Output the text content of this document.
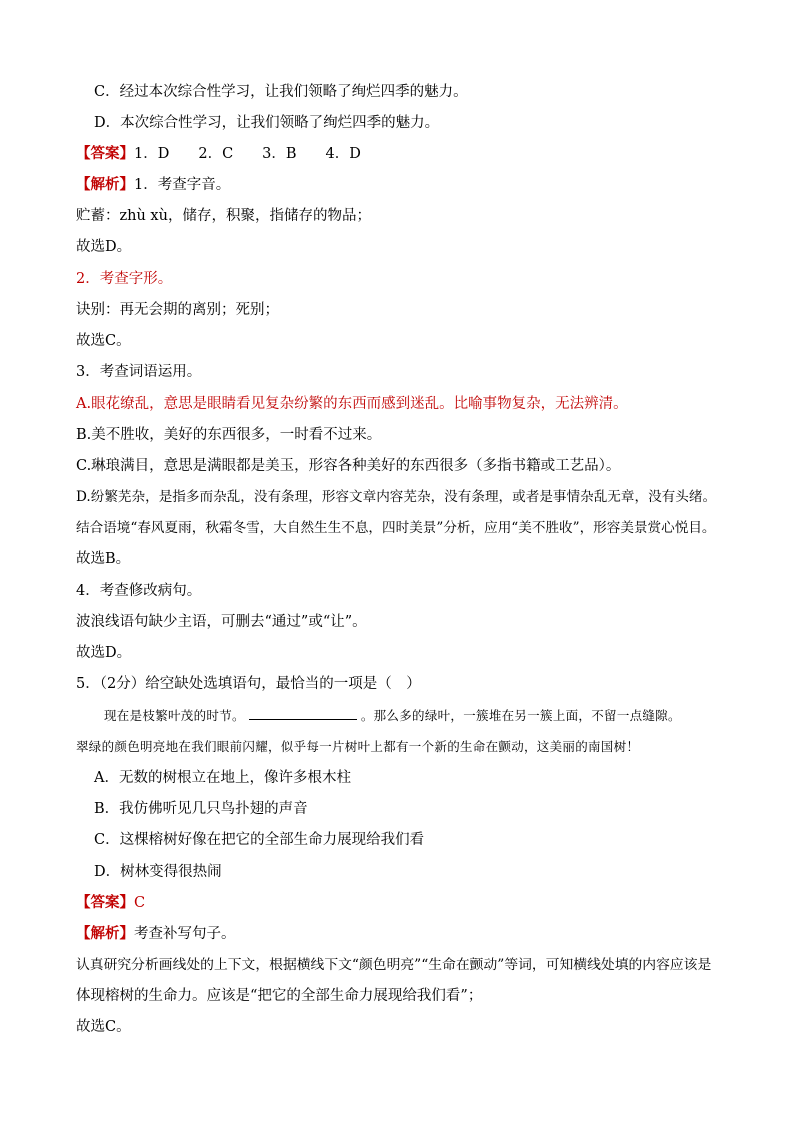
C．经过本次综合性学习，让我们领略了绚烂四季的魅力。
D．本次综合性学习，让我们领略了绚烂四季的魅力。
【答案】1．D　　2．C　　3．B　　4．D
【解析】1．考查字音。
贮蓄：zhù xù，储存，积聚，指储存的物品；
故选D。
2．考查字形。
诀别：再无会期的离别；死别；
故选C。
3．考查词语运用。
A.眼花缭乱，意思是眼睛看见复杂纷繁的东西而感到迷乱。比喻事物复杂，无法辨清。
B.美不胜收，美好的东西很多，一时看不过来。
C.琳琅满目，意思是满眼都是美玉，形容各种美好的东西很多（多指书籍或工艺品）。
D.纷繁芜杂，是指多而杂乱，没有条理，形容文章内容芜杂，没有条理，或者是事情杂乱无章，没有头绪。
结合语境“春风夏雨，秋霜冬雪，大自然生生不息，四时美景”分析，应用“美不胜收”，形容美景赏心悦目。
故选B。
4．考查修改病句。
波浪线语句缺少主语，可删去“通过”或“让”。
故选D。
5．（2分）给空缺处选填语句，最恰当的一项是（　）
现在是枝繁叶茂的时节。	。那么多的绿叶，一簇堆在另一簇上面，不留一点缝隙。
翠绿的颜色明亮地在我们眼前闪耀，似乎每一片树叶上都有一个新的生命在颤动，这美丽的南国树！
A．无数的树根立在地上，像许多根木柱
B．我仿佛听见几只鸟扑翅的声音
C．这棵榕树好像在把它的全部生命力展现给我们看
D．树林变得很热闹
【答案】C
【解析】考查补写句子。
认真研究分析画线处的上下文，根据横线下文“颜色明亮”“生命在颤动”等词，可知横线处填的内容应该是
体现榕树的生命力。应该是“把它的全部生命力展现给我们看”；
故选C。
